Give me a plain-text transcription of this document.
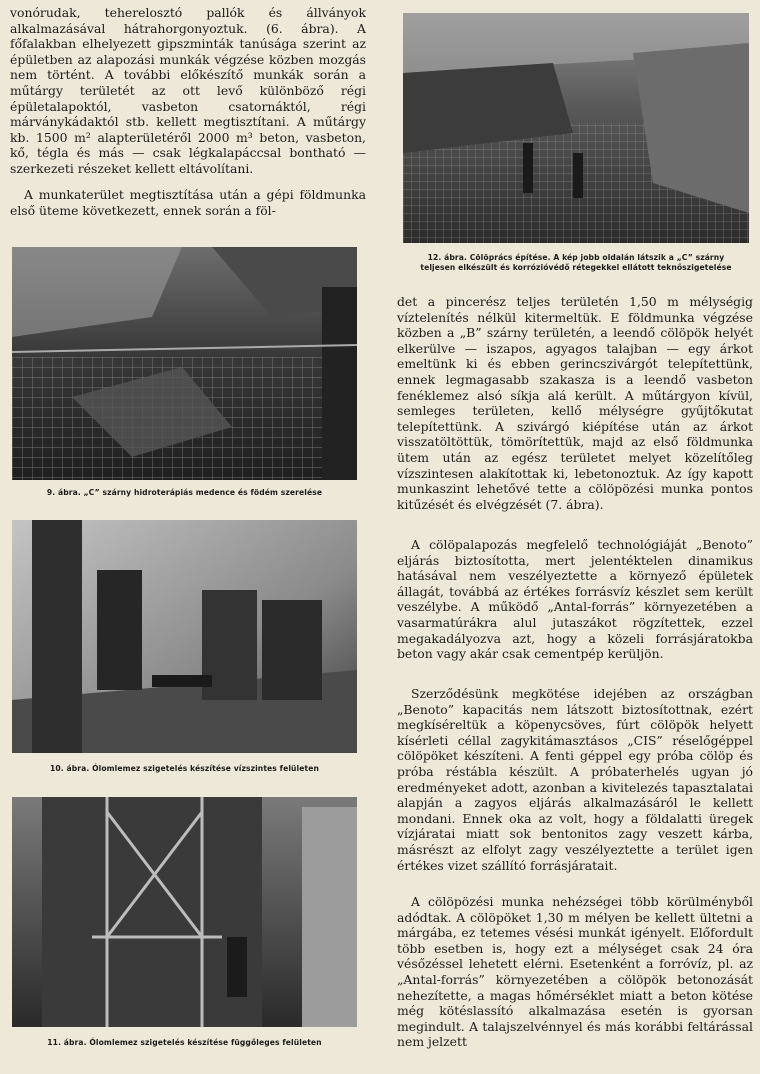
vonórudak, teherelosztó pallók és állványok alkalmazásával hátrahorgonyoztuk. (6. ábra). A főfalakban elhelyezett gipszminták tanúsága szerint az épületben az alapozási munkák végzése közben mozgás nem történt. A további előkészítő munkák során a műtárgy területét az ott levő különböző régi épületalapoktól, vasbeton csatornáktól, régi márványkádaktól stb. kellett megtisztítani. A műtárgy kb. 1500 m² alapterületéről 2000 m³ beton, vasbeton, kő, tégla és más — csak légkalapáccsal bontható — szerkezeti részeket kellett eltávolítani.
A munkaterület megtisztítása után a gépi földmunka első üteme következett, ennek során a föl-

9. ábra. „C” szárny hidroterápiás medence és födém szerelése

10. ábra. Ólomlemez szigetelés készítése vízszintes felületen

11. ábra. Ólomlemez szigetelés készítése függőleges felületen

12. ábra. Cölöprács építése. A kép jobb oldalán látszik a „C” szárny

teljesen elkészült és korrózióvédő rétegekkel ellátott teknőszigetelése

det a pincerész teljes területén 1,50 m mélységig víztelenítés nélkül kitermeltük. E földmunka végzése közben a „B” szárny területén, a leendő cölöpök helyét elkerülve — iszapos, agyagos talajban — egy árkot emeltünk ki és ebben gerincszivárgót telepítettünk, ennek legmagasabb szakasza is a leendő vasbeton fenéklemez alsó síkja alá került. A műtárgyon kívül, semleges területen, kellő mélységre gyűjtőkutat telepítettünk. A szivárgó kiépítése után az árkot visszatöltöttük, tömörítettük, majd az első földmunka ütem után az egész területet melyet közelítőleg vízszintesen alakítottak ki, lebetonoztuk. Az így kapott munkaszint lehetővé tette a cölöpözési munka pontos kitűzését és elvégzését (7. ábra).
A cölöpalapozás megfelelő technológiáját „Benoto” eljárás biztosította, mert jelentéktelen dinamikus hatásával nem veszélyeztette a környező épületek állagát, továbbá az értékes forrásvíz készlet sem került veszélybe. A működő „Antal-forrás” környezetében a vasarmatúrákra alul jutaszákot rögzítettek, ezzel megakadályozva azt, hogy a közeli forrásjáratokba beton vagy akár csak cementpép kerüljön.
Szerződésünk megkötése idejében az országban „Benoto” kapacitás nem látszott biztosítottnak, ezért megkíséreltük a köpenycsöves, fúrt cölöpök helyett kísérleti céllal zagykitámasztásos „CIS” réselőgéppel cölöpöket készíteni. A fenti géppel egy próba cölöp és próba réstábla készült. A próbaterhelés ugyan jó eredményeket adott, azonban a kivitelezés tapasztalatai alapján a zagyos eljárás alkalmazásáról le kellett mondani. Ennek oka az volt, hogy a földalatti üregek vízjáratai miatt sok bentonitos zagy veszett kárba, másrészt az elfolyt zagy veszélyeztette a terület igen értékes vizet szállító forrásjáratait.
A cölöpözési munka nehézségei több körülményből adódtak. A cölöpöket 1,30 m mélyen be kellett ültetni a márgába, ez tetemes vésési munkát igényelt. Előfordult több esetben is, hogy ezt a mélységet csak 24 óra vésőzéssel lehetett elérni. Esetenként a forróvíz, pl. az „Antal-forrás” környezetében a cölöpök betonozását nehezítette, a magas hőmérséklet miatt a beton kötése még kötéslassító alkalmazása esetén is gyorsan megindult. A talajszelvénnyel és más korábbi feltárással nem jelzett
